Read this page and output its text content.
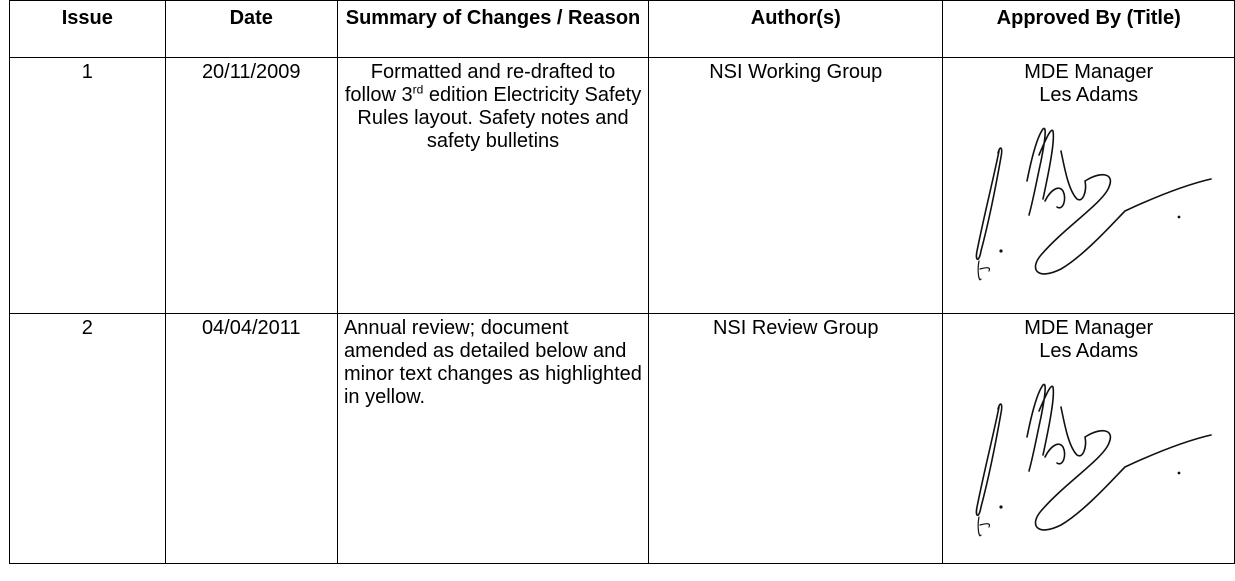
Issue	Date	Summary of Changes / Reason	Author(s)	Approved By (Title)
1	20/11/2009	Formatted and re-drafted to follow 3rd edition Electricity Safety Rules layout. Safety notes and safety bulletins	NSI Working Group	MDE Manager
Les Adams

2	04/04/2011	Annual review; document amended as detailed below and minor text changes as highlighted in yellow.	NSI Review Group	MDE Manager
Les Adams
